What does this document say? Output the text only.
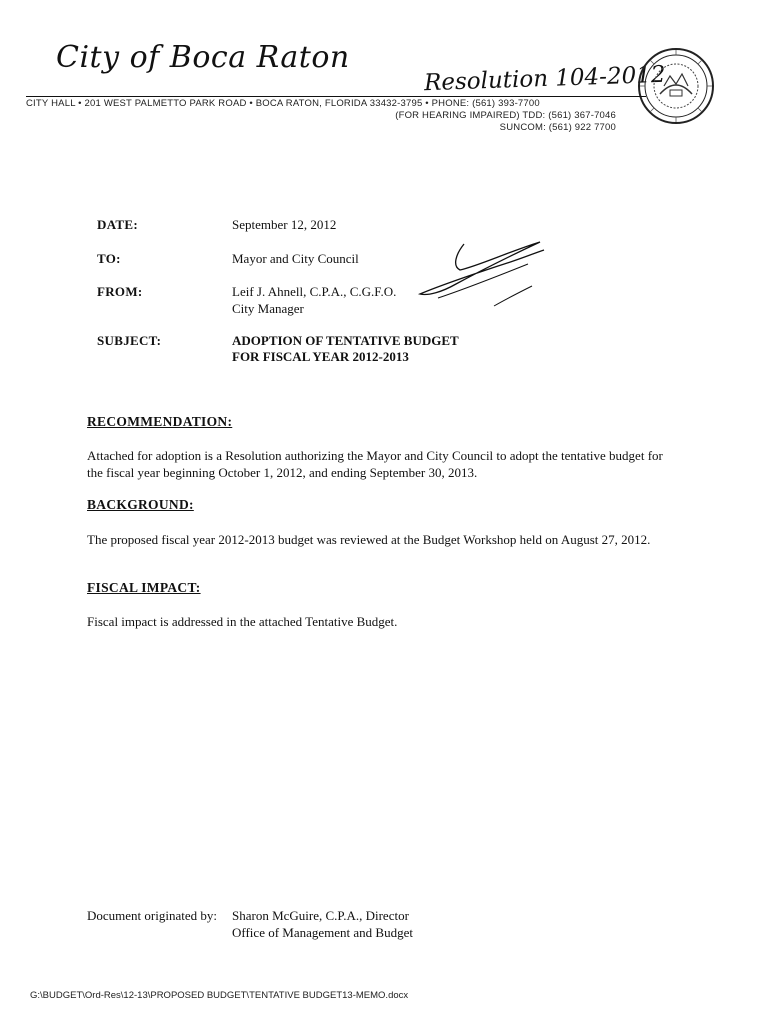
City of Boca Raton
Resolution 104-2012
CITY HALL • 201 WEST PALMETTO PARK ROAD • BOCA RATON, FLORIDA 33432-3795 • PHONE: (561) 393-7700
(FOR HEARING IMPAIRED) TDD: (561) 367-7046
SUNCOM: (561) 922 7700
DATE:	September 12, 2012
TO:	Mayor and City Council
FROM:	Leif J. Ahnell, C.P.A., C.G.F.O.
City Manager
SUBJECT:	ADOPTION OF TENTATIVE BUDGET
FOR FISCAL YEAR 2012-2013
RECOMMENDATION:
Attached for adoption is a Resolution authorizing the Mayor and City Council to adopt the tentative budget for the fiscal year beginning October 1, 2012, and ending September 30, 2013.
BACKGROUND:
The proposed fiscal year 2012-2013 budget was reviewed at the Budget Workshop held on August 27, 2012.
FISCAL IMPACT:
Fiscal impact is addressed in the attached Tentative Budget.
Document originated by: Sharon McGuire, C.P.A., Director
Office of Management and Budget
G:\BUDGET\Ord-Res\12-13\PROPOSED BUDGET\TENTATIVE BUDGET13-MEMO.docx
